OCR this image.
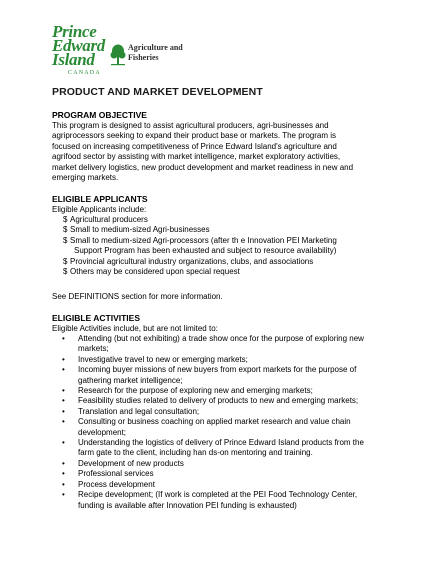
Prince
Edward
Island
CANADA
Agriculture and
Fisheries
PRODUCT AND MARKET DEVELOPMENT
PROGRAM OBJECTIVE
This program is designed to assist agricultural producers, agri-businesses and
agriprocessors seeking to expand their product base or markets. The program is
focused on increasing competitiveness of Prince Edward Island's agriculture and
agrifood sector by assisting with market intelligence, market exploratory activities,
market delivery logistics, new product development and market readiness in new and
emerging markets.
ELIGIBLE APPLICANTS
Eligible Applicants include:
$ Agricultural producers
$ Small to medium-sized Agri-businesses
$ Small to medium-sized Agri-processors (after th e Innovation PEI Marketing
Support Program has been exhausted and subject to resource availability)
$ Provincial agricultural industry organizations, clubs, and associations
$ Others may be considered upon special request
See DEFINITIONS section for more information.
ELIGIBLE ACTIVITIES
Eligible Activities include, but are not limited to:
• Attending (but not exhibiting) a trade show once for the purpose of exploring new
markets;
• Investigative travel to new or emerging markets;
• Incoming buyer missions of new buyers from export markets for the purpose of
gathering market intelligence;
• Research for the purpose of exploring new and emerging markets;
• Feasibility studies related to delivery of products to new and emerging markets;
• Translation and legal consultation;
• Consulting or business coaching on applied market research and value chain
development;
• Understanding the logistics of delivery of Prince Edward Island products from the
farm gate to the client, including han ds-on mentoring and training.
• Development of new products
• Professional services
• Process development
• Recipe development; (If work is completed at the PEI Food Technology Center,
funding is available after Innovation PEI funding is exhausted)
